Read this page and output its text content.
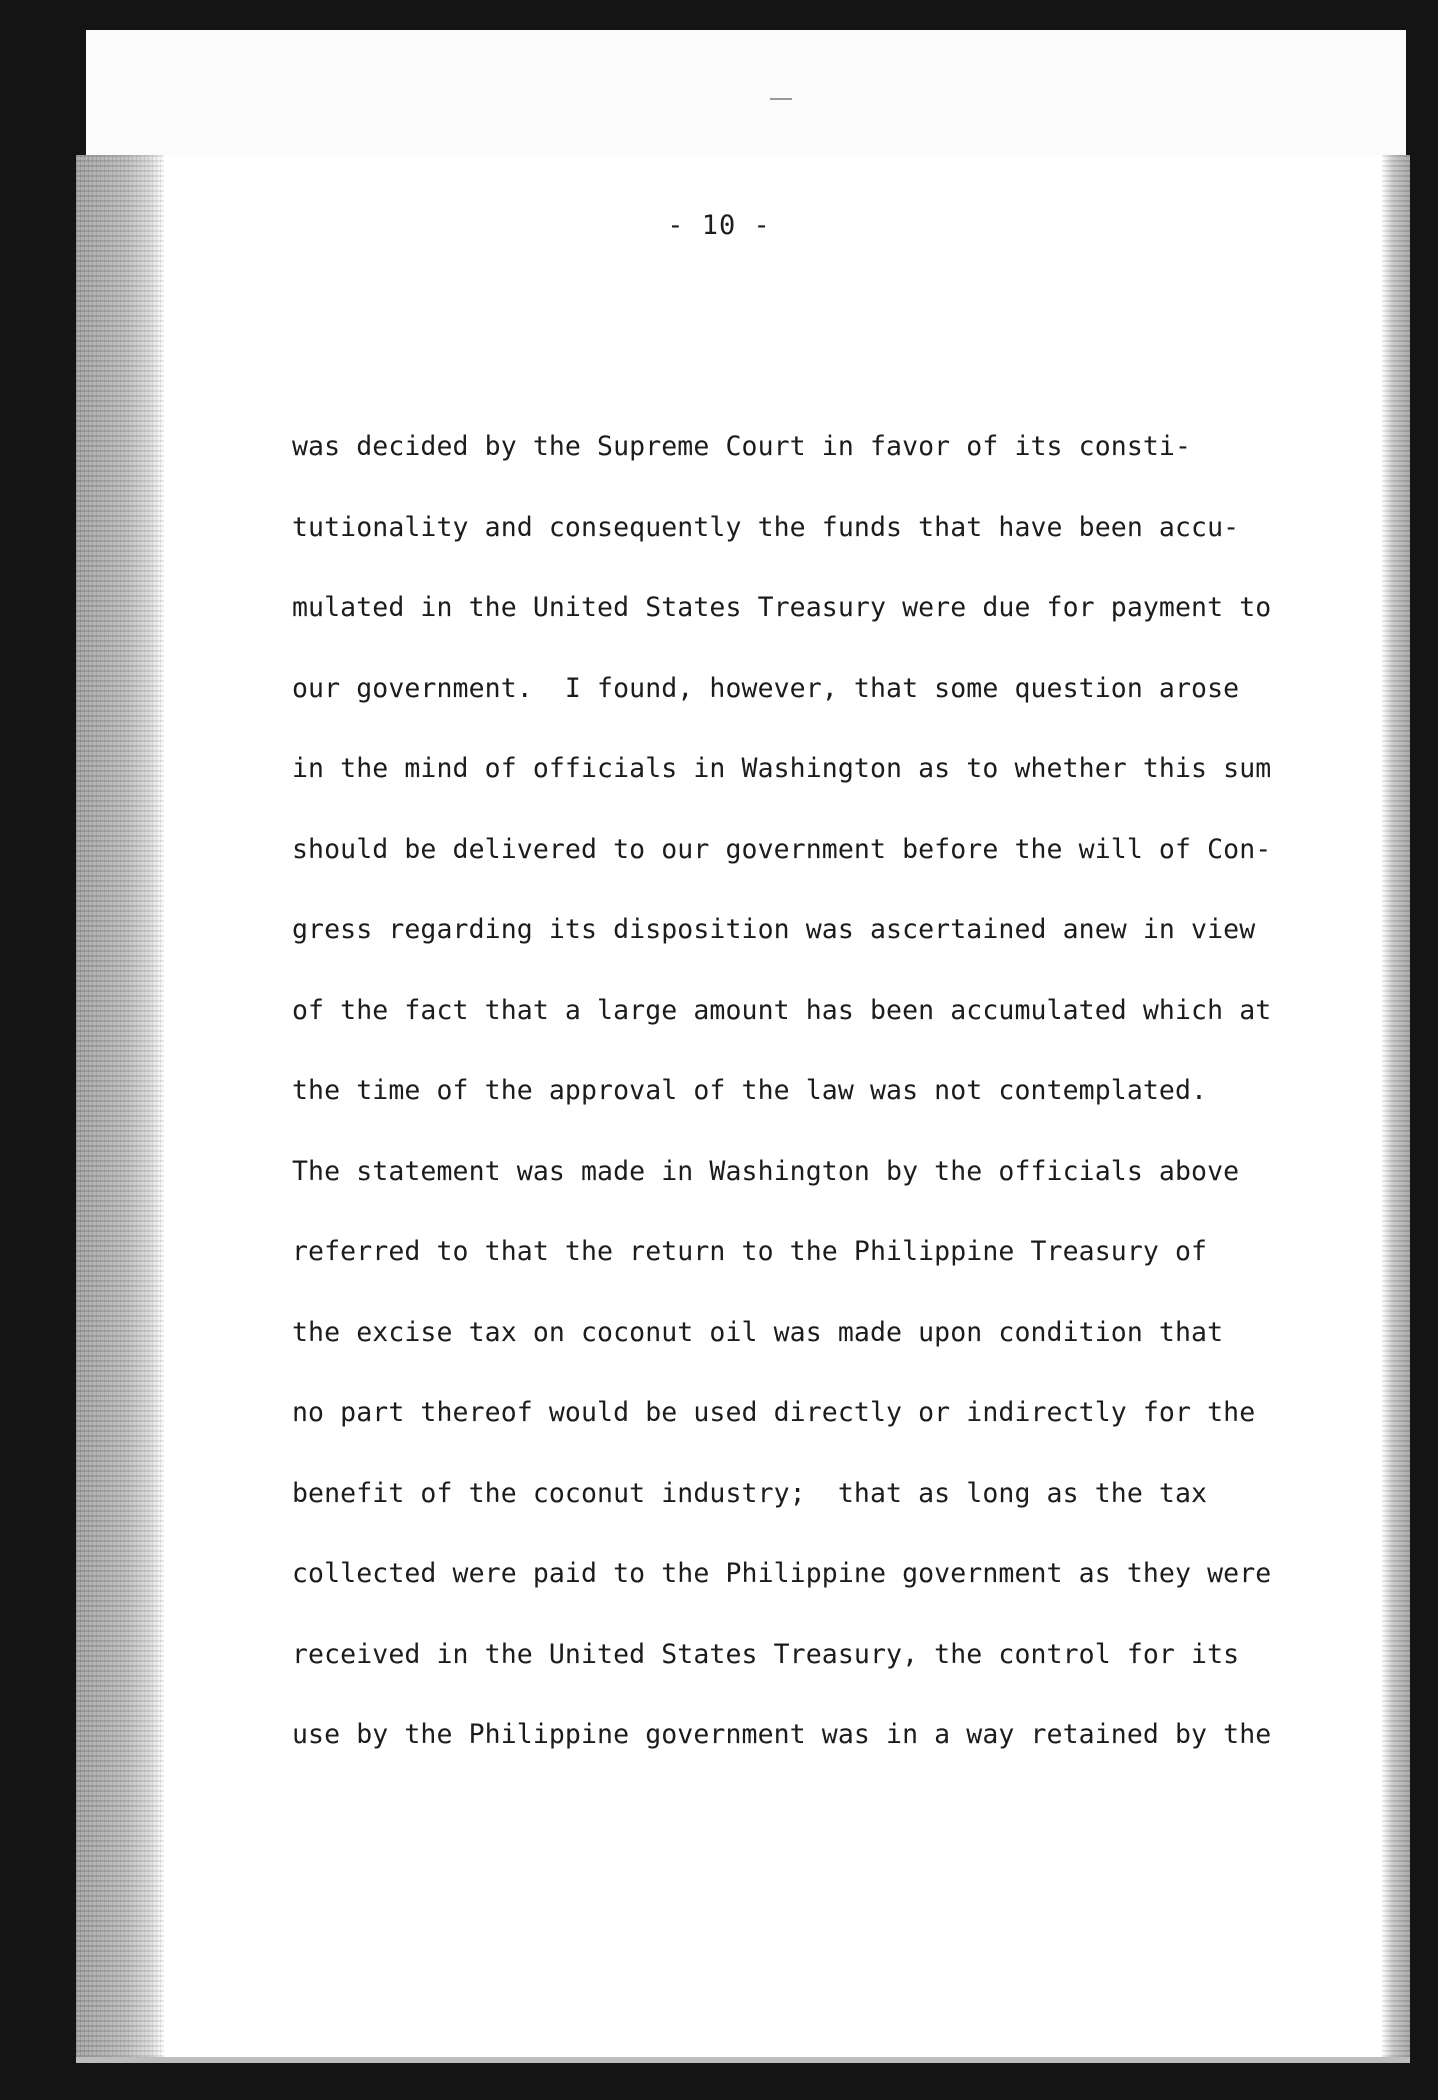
- 10 -
was decided by the Supreme Court in favor of its consti-
tutionality and consequently the funds that have been accu-
mulated in the United States Treasury were due for payment to
our government.  I found, however, that some question arose
in the mind of officials in Washington as to whether this sum
should be delivered to our government before the will of Con-
gress regarding its disposition was ascertained anew in view
of the fact that a large amount has been accumulated which at
the time of the approval of the law was not contemplated.
The statement was made in Washington by the officials above
referred to that the return to the Philippine Treasury of
the excise tax on coconut oil was made upon condition that
no part thereof would be used directly or indirectly for the
benefit of the coconut industry;  that as long as the tax
collected were paid to the Philippine government as they were
received in the United States Treasury, the control for its
use by the Philippine government was in a way retained by the
